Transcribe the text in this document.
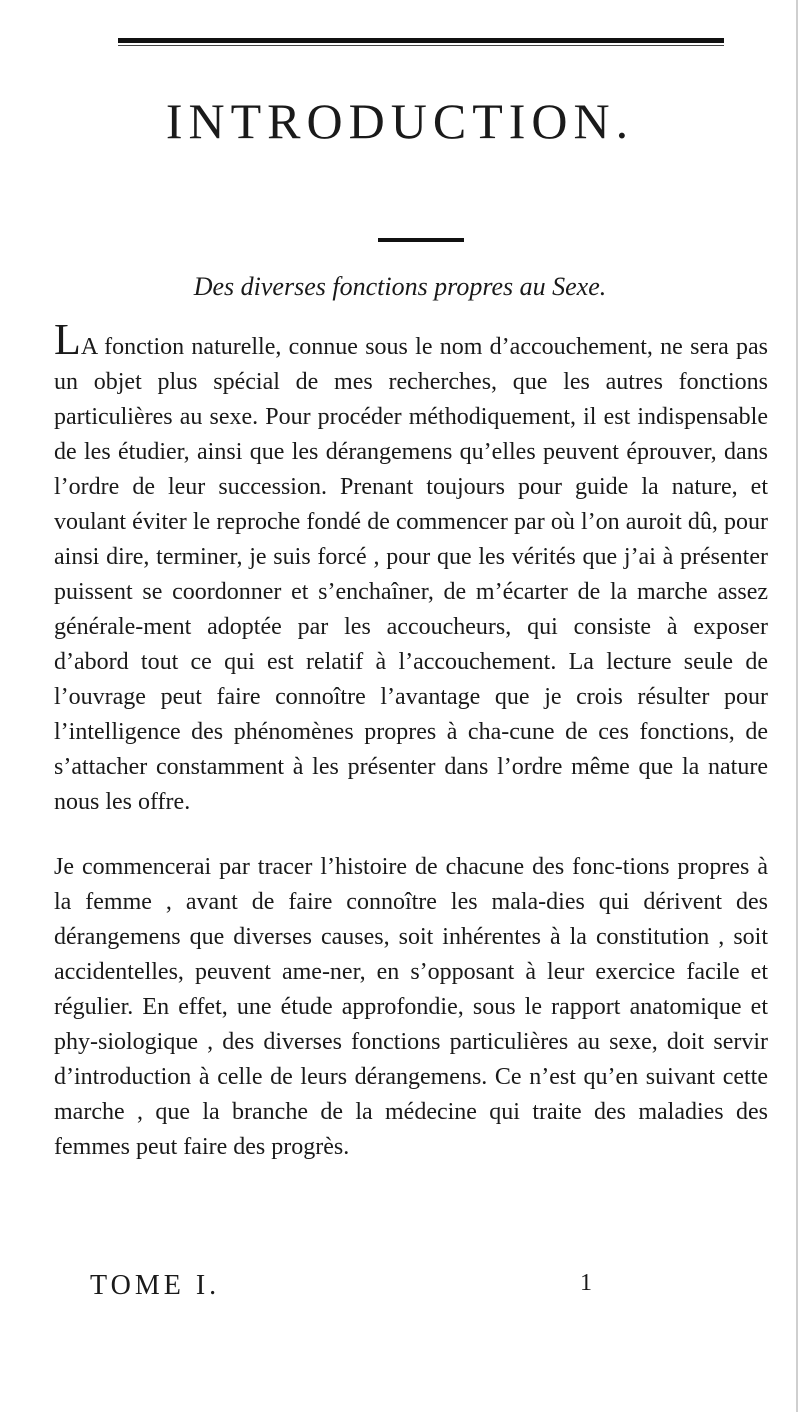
INTRODUCTION.

Des diverses fonctions propres au Sexe.

LA fonction naturelle, connue sous le nom d’accouchement, ne sera pas un objet plus spécial de mes recherches, que les autres fonctions particulières au sexe. Pour procéder méthodiquement, il est indispensable de les étudier, ainsi que les dérangemens qu’elles peuvent éprouver, dans l’ordre de leur succession. Prenant toujours pour guide la nature, et voulant éviter le reproche fondé de commencer par où l’on auroit dû, pour ainsi dire, terminer, je suis forcé , pour que les vérités que j’ai à présenter puissent se coordonner et s’enchaîner, de m’écarter de la marche assez générale-ment adoptée par les accoucheurs, qui consiste à exposer d’abord tout ce qui est relatif à l’accouchement. La lecture seule de l’ouvrage peut faire connoître l’avantage que je crois résulter pour l’intelligence des phénomènes propres à cha-cune de ces fonctions, de s’attacher constamment à les présenter dans l’ordre même que la nature nous les offre.

Je commencerai par tracer l’histoire de chacune des fonc-tions propres à la femme , avant de faire connoître les mala-dies qui dérivent des dérangemens que diverses causes, soit inhérentes à la constitution , soit accidentelles, peuvent ame-ner, en s’opposant à leur exercice facile et régulier. En effet, une étude approfondie, sous le rapport anatomique et phy-siologique , des diverses fonctions particulières au sexe, doit servir d’introduction à celle de leurs dérangemens. Ce n’est qu’en suivant cette marche , que la branche de la médecine qui traite des maladies des femmes peut faire des progrès.

TOME I.	1
